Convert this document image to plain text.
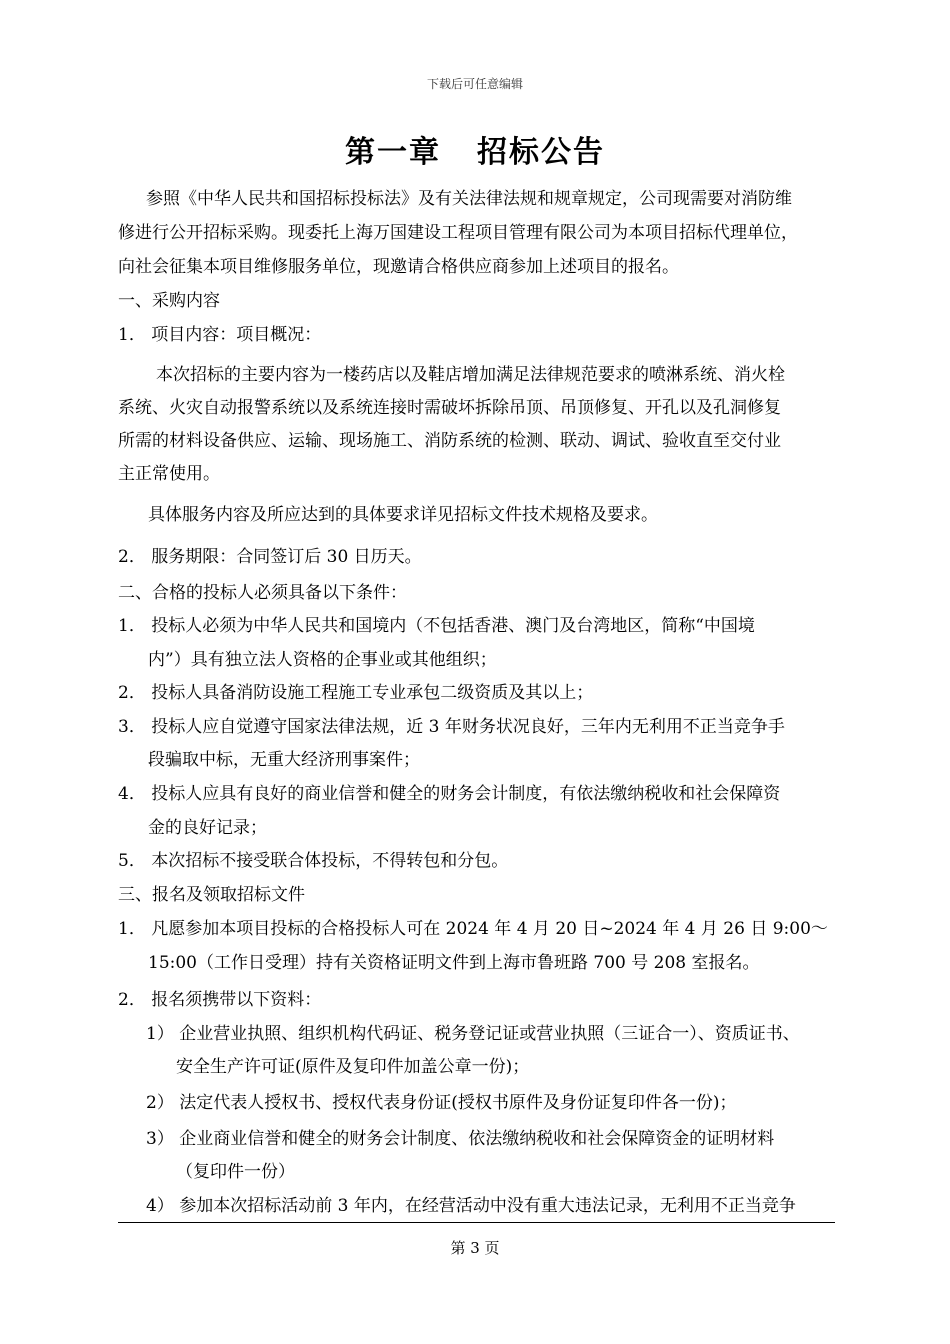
下载后可任意编辑
第一章 招标公告
参照《中华人民共和国招标投标法》及有关法律法规和规章规定，公司现需要对消防维
修进行公开招标采购。现委托上海万国建设工程项目管理有限公司为本项目招标代理单位，
向社会征集本项目维修服务单位，现邀请合格供应商参加上述项目的报名。
一、采购内容
1． 项目内容：项目概况：
本次招标的主要内容为一楼药店以及鞋店增加满足法律规范要求的喷淋系统、消火栓
系统、火灾自动报警系统以及系统连接时需破坏拆除吊顶、吊顶修复、开孔以及孔洞修复
所需的材料设备供应、运输、现场施工、消防系统的检测、联动、调试、验收直至交付业
主正常使用。
具体服务内容及所应达到的具体要求详见招标文件技术规格及要求。
2． 服务期限：合同签订后 30 日历天。
二、合格的投标人必须具备以下条件：
1． 投标人必须为中华人民共和国境内（不包括香港、澳门及台湾地区，简称“中国境
内”）具有独立法人资格的企事业或其他组织；
2． 投标人具备消防设施工程施工专业承包二级资质及其以上；
3． 投标人应自觉遵守国家法律法规，近 3 年财务状况良好，三年内无利用不正当竞争手
段骗取中标，无重大经济刑事案件；
4． 投标人应具有良好的商业信誉和健全的财务会计制度，有依法缴纳税收和社会保障资
金的良好记录；
5． 本次招标不接受联合体投标，不得转包和分包。
三、报名及领取招标文件
1． 凡愿参加本项目投标的合格投标人可在 2024 年 4 月 20 日~2024 年 4 月 26 日 9:00～
15:00（工作日受理）持有关资格证明文件到上海市鲁班路 700 号 208 室报名。
2． 报名须携带以下资料：
1） 企业营业执照、组织机构代码证、税务登记证或营业执照（三证合一）、资质证书、
安全生产许可证(原件及复印件加盖公章一份)；
2） 法定代表人授权书、授权代表身份证(授权书原件及身份证复印件各一份)；
3） 企业商业信誉和健全的财务会计制度、依法缴纳税收和社会保障资金的证明材料
（复印件一份）
4） 参加本次招标活动前 3 年内，在经营活动中没有重大违法记录，无利用不正当竞争
第 3 页
